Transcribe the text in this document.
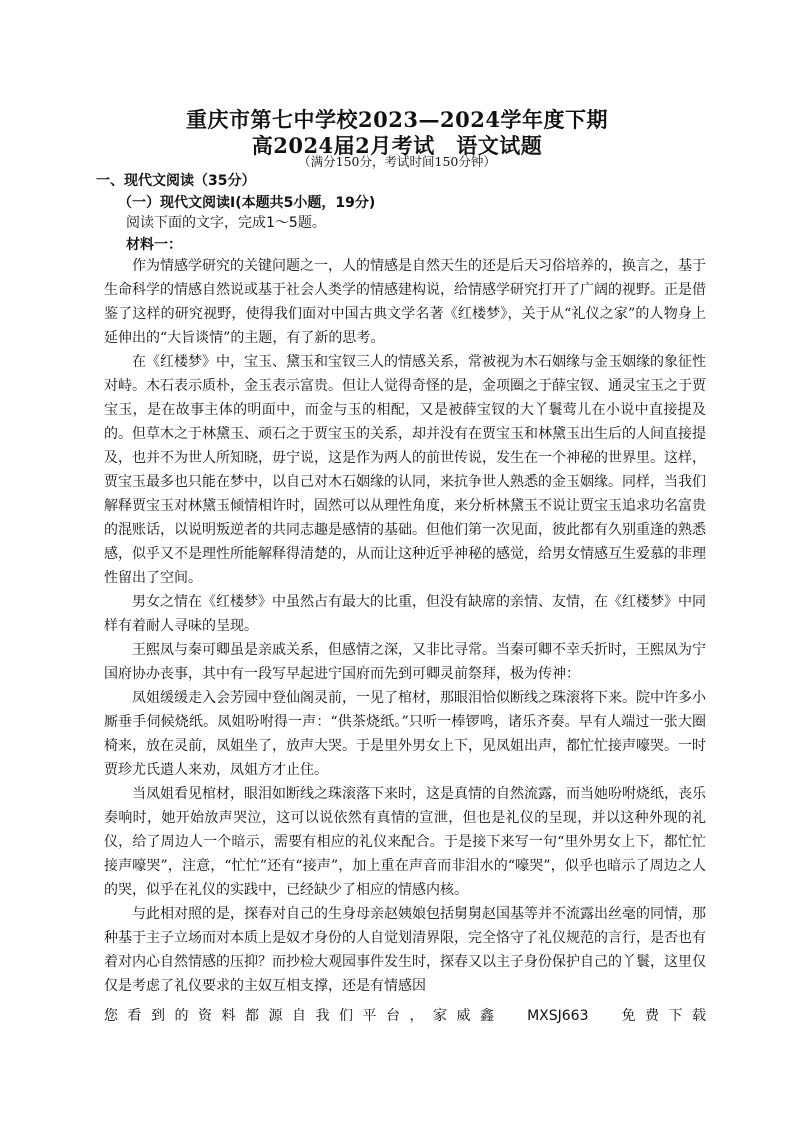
重庆市第七中学校2023—2024学年度下期
高2024届2月考试　语文试题

（满分150分，考试时间150分钟）

一、现代文阅读（35分）

（一）现代文阅读Ⅰ(本题共5小题，19分)

阅读下面的文字，完成1～5题。

材料一：

作为情感学研究的关键问题之一，人的情感是自然天生的还是后天习俗培养的，换言之，基于生命科学的情感自然说或基于社会人类学的情感建构说，给情感学研究打开了广阔的视野。正是借鉴了这样的研究视野，使得我们面对中国古典文学名著《红楼梦》，关于从“礼仪之家”的人物身上延伸出的“大旨谈情”的主题，有了新的思考。

在《红楼梦》中，宝玉、黛玉和宝钗三人的情感关系，常被视为木石姻缘与金玉姻缘的象征性对峙。木石表示质朴，金玉表示富贵。但让人觉得奇怪的是，金项圈之于薛宝钗、通灵宝玉之于贾宝玉，是在故事主体的明面中，而金与玉的相配，又是被薛宝钗的大丫鬟莺儿在小说中直接提及的。但草木之于林黛玉、顽石之于贾宝玉的关系，却并没有在贾宝玉和林黛玉出生后的人间直接提及，也并不为世人所知晓，毋宁说，这是作为两人的前世传说，发生在一个神秘的世界里。这样，贾宝玉最多也只能在梦中，以自己对木石姻缘的认同，来抗争世人熟悉的金玉姻缘。同样，当我们解释贾宝玉对林黛玉倾情相许时，固然可以从理性角度，来分析林黛玉不说让贾宝玉追求功名富贵的混账话，以说明叛逆者的共同志趣是感情的基础。但他们第一次见面，彼此都有久别重逢的熟悉感，似乎又不是理性所能解释得清楚的，从而让这种近乎神秘的感觉，给男女情感互生爱慕的非理性留出了空间。

男女之情在《红楼梦》中虽然占有最大的比重，但没有缺席的亲情、友情，在《红楼梦》中同样有着耐人寻味的呈现。

王熙凤与秦可卿虽是亲戚关系，但感情之深，又非比寻常。当秦可卿不幸夭折时，王熙凤为宁国府协办丧事，其中有一段写早起进宁国府而先到可卿灵前祭拜，极为传神：

凤姐缓缓走入会芳园中登仙阁灵前，一见了棺材，那眼泪恰似断线之珠滚将下来。院中许多小厮垂手伺候烧纸。凤姐吩咐得一声：“供茶烧纸。”只听一棒锣鸣，诸乐齐奏。早有人端过一张大圈椅来，放在灵前，凤姐坐了，放声大哭。于是里外男女上下，见凤姐出声，都忙忙接声嚎哭。一时贾珍尤氏遣人来劝，凤姐方才止住。

当凤姐看见棺材，眼泪如断线之珠滚落下来时，这是真情的自然流露，而当她吩咐烧纸，丧乐奏响时，她开始放声哭泣，这可以说依然有真情的宣泄，但也是礼仪的呈现，并以这种外现的礼仪，给了周边人一个暗示，需要有相应的礼仪来配合。于是接下来写一句“里外男女上下，都忙忙接声嚎哭”，注意，“忙忙”还有“接声”，加上重在声音而非泪水的“嚎哭”，似乎也暗示了周边之人的哭，似乎在礼仪的实践中，已经缺少了相应的情感内核。

与此相对照的是，探春对自己的生身母亲赵姨娘包括舅舅赵国基等并不流露出丝毫的同情，那种基于主子立场而对本质上是奴才身份的人自觉划清界限，完全恪守了礼仪规范的言行，是否也有着对内心自然情感的压抑？而抄检大观园事件发生时，探春又以主子身份保护自己的丫鬟，这里仅仅是考虑了礼仪要求的主奴互相支撑，还是有情感因

您看到的资料都源自我们平台，家威鑫　MXSJ663　免费下载
